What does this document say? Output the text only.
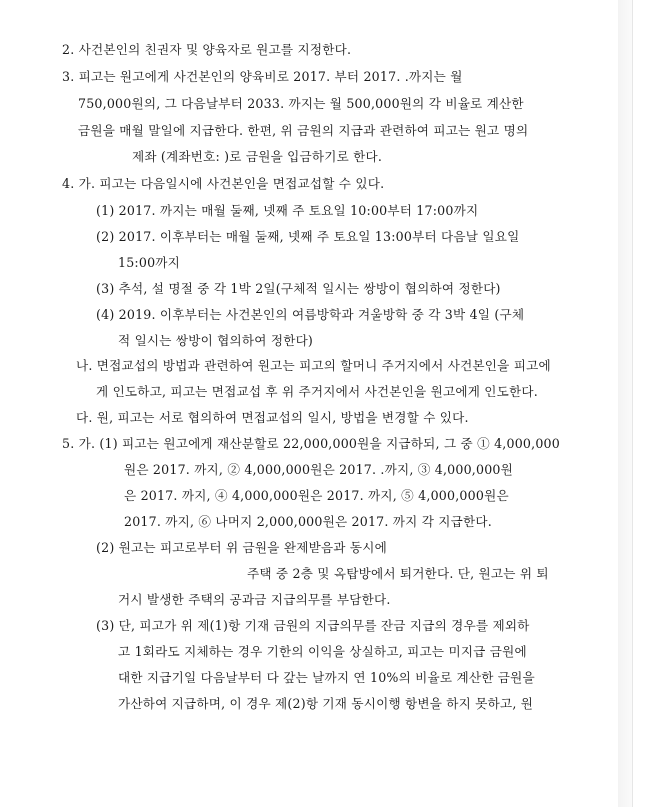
2. 사건본인의 친권자 및 양육자로 원고를 지정한다.
3. 피고는 원고에게 사건본인의 양육비로 2017. 부터 2017. .까지는 월
750,000원의, 그 다음날부터 2033. 까지는 월 500,000원의 각 비율로 계산한
금원을 매월 말일에 지급한다. 한편, 위 금원의 지급과 관련하여 피고는 원고 명의
제좌 (계좌번호: )로 금원을 입금하기로 한다.
4. 가. 피고는 다음일시에 사건본인을 면접교섭할 수 있다.
(1) 2017. 까지는 매월 둘째, 넷째 주 토요일 10:00부터 17:00까지
(2) 2017. 이후부터는 매월 둘째, 넷째 주 토요일 13:00부터 다음날 일요일
15:00까지
(3) 추석, 설 명절 중 각 1박 2일(구체적 일시는 쌍방이 협의하여 정한다)
(4) 2019. 이후부터는 사건본인의 여름방학과 겨울방학 중 각 3박 4일 (구체
적 일시는 쌍방이 협의하여 정한다)
나. 면접교섭의 방법과 관련하여 원고는 피고의 할머니 주거지에서 사건본인을 피고에
게 인도하고, 피고는 면접교섭 후 위 주거지에서 사건본인을 원고에게 인도한다.
다. 원, 피고는 서로 협의하여 면접교섭의 일시, 방법을 변경할 수 있다.
5. 가. (1) 피고는 원고에게 재산분할로 22,000,000원을 지급하되, 그 중 ① 4,000,000
원은 2017. 까지, ② 4,000,000원은 2017. .까지, ③ 4,000,000원
은 2017. 까지, ④ 4,000,000원은 2017. 까지, ⑤ 4,000,000원은
2017. 까지, ⑥ 나머지 2,000,000원은 2017. 까지 각 지급한다.
(2) 원고는 피고로부터 위 금원을 완제받음과 동시에
주택 중 2층 및 옥탑방에서 퇴거한다. 단, 원고는 위 퇴
거시 발생한 주택의 공과금 지급의무를 부담한다.
(3) 단, 피고가 위 제(1)항 기재 금원의 지급의무를 잔금 지급의 경우를 제외하
고 1회라도 지체하는 경우 기한의 이익을 상실하고, 피고는 미지급 금원에
대한 지급기일 다음날부터 다 갚는 날까지 연 10%의 비율로 계산한 금원을
가산하여 지급하며, 이 경우 제(2)항 기재 동시이행 항변을 하지 못하고, 원
